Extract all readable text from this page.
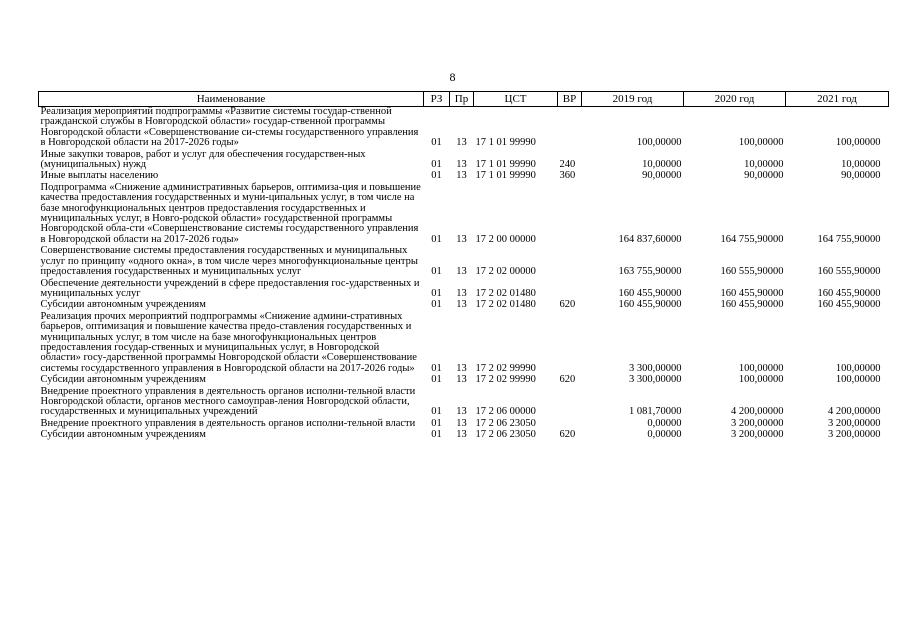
8
Наименование	РЗ	Пр	ЦСТ	ВР	2019 год	2020 год	2021 год
Реализация мероприятий подпрограммы «Развитие системы государ-ственной гражданской службы в Новгородской области» государ-ственной программы Новгородской области «Совершенствование си-стемы государственного управления в Новгородской области на 2017-2026 годы»	01	13	17 1 01 99990		100,00000	100,00000	100,00000
Иные закупки товаров, работ и услуг для обеспечения государствен-ных (муниципальных) нужд	01	13	17 1 01 99990	240	10,00000	10,00000	10,00000
Иные выплаты населению	01	13	17 1 01 99990	360	90,00000	90,00000	90,00000
Подпрограмма «Снижение административных барьеров, оптимиза-ция и повышение качества предоставления государственных и муни-ципальных услуг, в том числе на базе многофункциональных центров предоставления государственных и муниципальных услуг, в Новго-родской области» государственной программы Новгородской обла-сти «Совершенствование системы государственного управления в Новгородской области на 2017-2026 годы»	01	13	17 2 00 00000		164 837,60000	164 755,90000	164 755,90000
Совершенствование системы предоставления государственных и муниципальных услуг по принципу «одного окна», в том числе через многофункциональные центры предоставления государственных и муниципальных услуг	01	13	17 2 02 00000		163 755,90000	160 555,90000	160 555,90000
Обеспечение деятельности учреждений в сфере предоставления гос-ударственных и муниципальных услуг	01	13	17 2 02 01480		160 455,90000	160 455,90000	160 455,90000
Субсидии автономным учреждениям	01	13	17 2 02 01480	620	160 455,90000	160 455,90000	160 455,90000
Реализация прочих мероприятий подпрограммы «Снижение админи-стративных барьеров, оптимизация и повышение качества предо-ставления государственных и муниципальных услуг, в том числе на базе многофункциональных центров предоставления государ-ственных и муниципальных услуг, в Новгородской области» госу-дарственной программы Новгородской области «Совершенствование системы государственного управления в Новгородской области на 2017-2026 годы»	01	13	17 2 02 99990		3 300,00000	100,00000	100,00000
Субсидии автономным учреждениям	01	13	17 2 02 99990	620	3 300,00000	100,00000	100,00000
Внедрение проектного управления в деятельность органов исполни-тельной власти Новгородской области, органов местного самоуправ-ления Новгородской области, государственных и муниципальных учреждений	01	13	17 2 06 00000		1 081,70000	4 200,00000	4 200,00000
Внедрение проектного управления в деятельность органов исполни-тельной власти	01	13	17 2 06 23050		0,00000	3 200,00000	3 200,00000
Субсидии автономным учреждениям	01	13	17 2 06 23050	620	0,00000	3 200,00000	3 200,00000
